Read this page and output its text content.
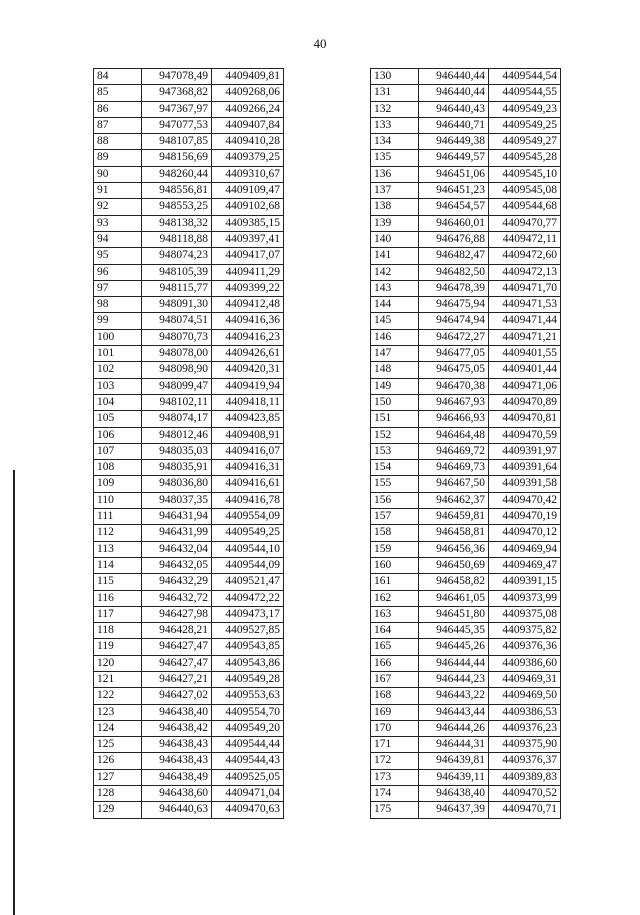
40
84	947078,49	4409409,81
85	947368,82	4409268,06
86	947367,97	4409266,24
87	947077,53	4409407,84
88	948107,85	4409410,28
89	948156,69	4409379,25
90	948260,44	4409310,67
91	948556,81	4409109,47
92	948553,25	4409102,68
93	948138,32	4409385,15
94	948118,88	4409397,41
95	948074,23	4409417,07
96	948105,39	4409411,29
97	948115,77	4409399,22
98	948091,30	4409412,48
99	948074,51	4409416,36
100	948070,73	4409416,23
101	948078,00	4409426,61
102	948098,90	4409420,31
103	948099,47	4409419,94
104	948102,11	4409418,11
105	948074,17	4409423,85
106	948012,46	4409408,91
107	948035,03	4409416,07
108	948035,91	4409416,31
109	948036,80	4409416,61
110	948037,35	4409416,78
111	946431,94	4409554,09
112	946431,99	4409549,25
113	946432,04	4409544,10
114	946432,05	4409544,09
115	946432,29	4409521,47
116	946432,72	4409472,22
117	946427,98	4409473,17
118	946428,21	4409527,85
119	946427,47	4409543,85
120	946427,47	4409543,86
121	946427,21	4409549,28
122	946427,02	4409553,63
123	946438,40	4409554,70
124	946438,42	4409549,20
125	946438,43	4409544,44
126	946438,43	4409544,43
127	946438,49	4409525,05
128	946438,60	4409471,04
129	946440,63	4409470,63
130	946440,44	4409544,54
131	946440,44	4409544,55
132	946440,43	4409549,23
133	946440,71	4409549,25
134	946449,38	4409549,27
135	946449,57	4409545,28
136	946451,06	4409545,10
137	946451,23	4409545,08
138	946454,57	4409544,68
139	946460,01	4409470,77
140	946476,88	4409472,11
141	946482,47	4409472,60
142	946482,50	4409472,13
143	946478,39	4409471,70
144	946475,94	4409471,53
145	946474,94	4409471,44
146	946472,27	4409471,21
147	946477,05	4409401,55
148	946475,05	4409401,44
149	946470,38	4409471,06
150	946467,93	4409470,89
151	946466,93	4409470,81
152	946464,48	4409470,59
153	946469,72	4409391,97
154	946469,73	4409391,64
155	946467,50	4409391,58
156	946462,37	4409470,42
157	946459,81	4409470,19
158	946458,81	4409470,12
159	946456,36	4409469,94
160	946450,69	4409469,47
161	946458,82	4409391,15
162	946461,05	4409373,99
163	946451,80	4409375,08
164	946445,35	4409375,82
165	946445,26	4409376,36
166	946444,44	4409386,60
167	946444,23	4409469,31
168	946443,22	4409469,50
169	946443,44	4409386,53
170	946444,26	4409376,23
171	946444,31	4409375,90
172	946439,81	4409376,37
173	946439,11	4409389,83
174	946438,40	4409470,52
175	946437,39	4409470,71
